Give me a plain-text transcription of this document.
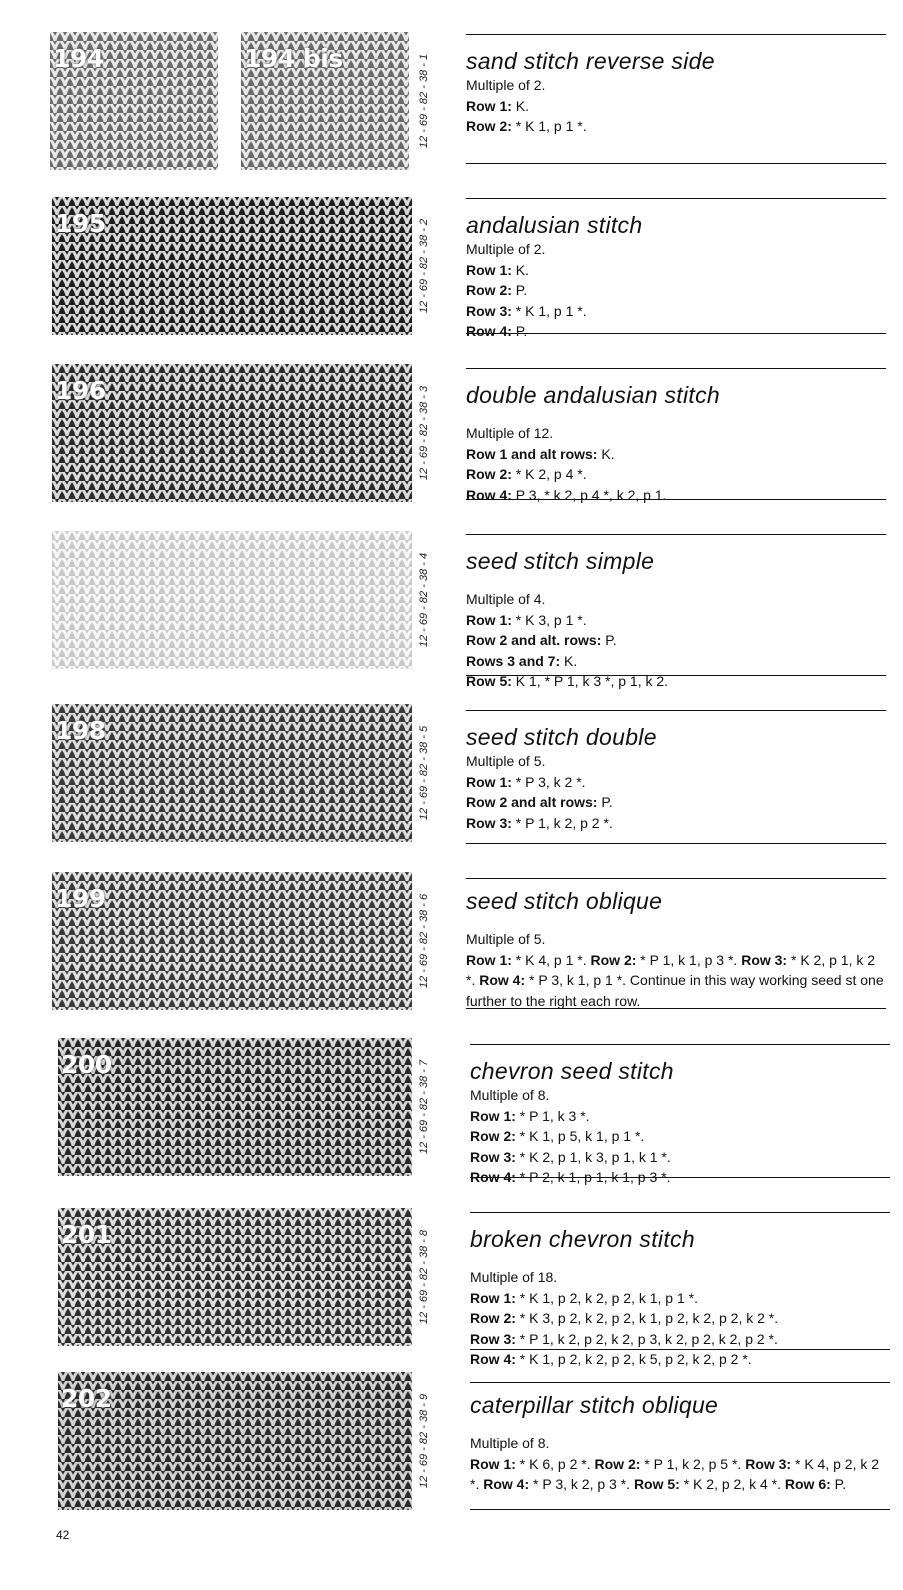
194	194 bis	12 - 69 - 82 - 38 - 1 sand stitch reverse side

Multiple of 2.

Row 1: K.

Row 2: * K 1, p 1 *.

195	12 - 69 - 82 - 38 - 2 andalusian stitch

Multiple of 2.

Row 1: K.

Row 2: P.

Row 3: * K 1, p 1 *.

Row 4: P.

196	12 - 69 - 82 - 38 - 3 double andalusian stitch

Multiple of 12.

Row 1 and alt rows: K.

Row 2: * K 2, p 4 *.

Row 4: P 3, * k 2, p 4 *, k 2, p 1.

12 - 69 - 82 - 38 - 4 seed stitch simple

Multiple of 4.

Row 1: * K 3, p 1 *.

Row 2 and alt. rows: P.

Rows 3 and 7: K.

Row 5: K 1, * P 1, k 3 *, p 1, k 2.

198	12 - 69 - 82 - 38 - 5 seed stitch double

Multiple of 5.

Row 1: * P 3, k 2 *.

Row 2 and alt rows: P.

Row 3: * P 1, k 2, p 2 *.

199	12 - 69 - 82 - 38 - 6 seed stitch oblique

Multiple of 5.

Row 1: * K 4, p 1 *. Row 2: * P 1, k 1, p 3 *. Row 3: * K 2, p 1, k 2 *. Row 4: * P 3, k 1, p 1 *. Continue in this way working seed st one further to the right each row.

200	12 - 69 - 82 - 38 - 7 chevron seed stitch

Multiple of 8.

Row 1: * P 1, k 3 *.

Row 2: * K 1, p 5, k 1, p 1 *.

Row 3: * K 2, p 1, k 3, p 1, k 1 *.

Row 4: * P 2, k 1, p 1, k 1, p 3 *.

201	12 - 69 - 82 - 38 - 8 broken chevron stitch

Multiple of 18.

Row 1: * K 1, p 2, k 2, p 2, k 1, p 1 *.

Row 2: * K 3, p 2, k 2, p 2, k 1, p 2, k 2, p 2, k 2 *.

Row 3: * P 1, k 2, p 2, k 2, p 3, k 2, p 2, k 2, p 2 *.

Row 4: * K 1, p 2, k 2, p 2, k 5, p 2, k 2, p 2 *.

202	12 - 69 - 82 - 38 - 9 caterpillar stitch oblique

Multiple of 8.

Row 1: * K 6, p 2 *. Row 2: * P 1, k 2, p 5 *. Row 3: * K 4, p 2, k 2 *. Row 4: * P 3, k 2, p 3 *. Row 5: * K 2, p 2, k 4 *. Row 6: P.

42
